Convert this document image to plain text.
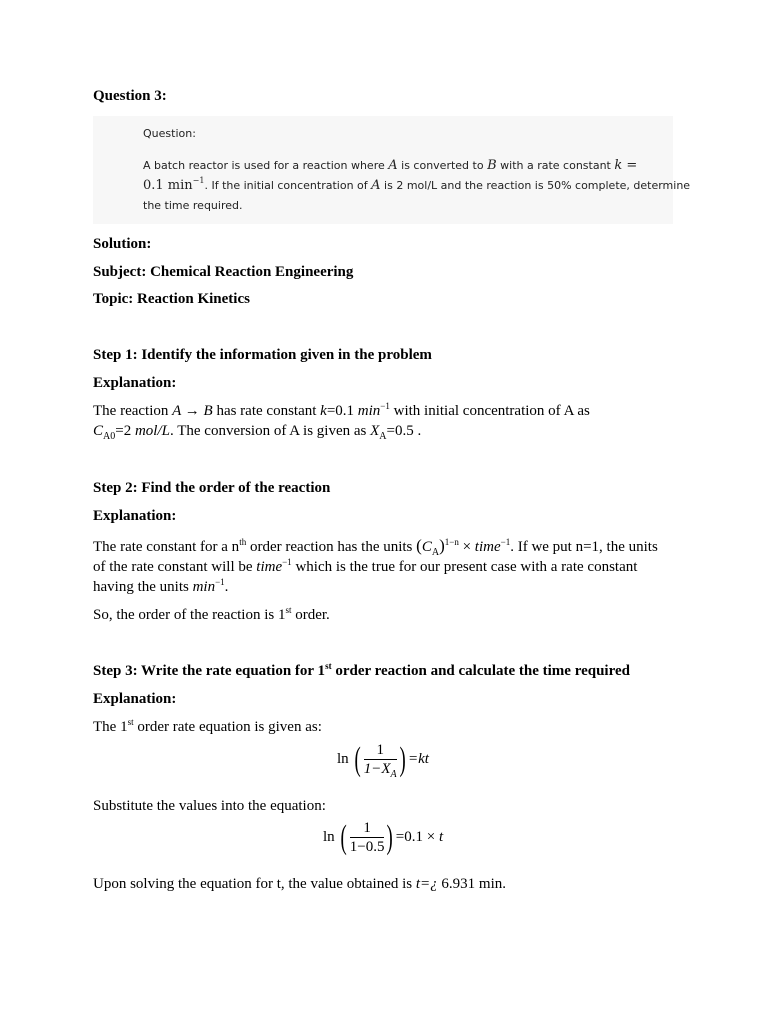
Question 3:
Question:
A batch reactor is used for a reaction where A is converted to B with a rate constant k =
0.1 $\min^{-1}$. If the initial concentration of A is 2 mol/L and the reaction is 50% complete, determine
the time required.
Solution:
Subject: Chemical Reaction Engineering
Topic: Reaction Kinetics
Step 1: Identify the information given in the problem
Explanation:
The reaction A → B has rate constant k=0.1 $\min^{-1}$ with initial concentration of A as
$C_{A0}=2$ mol/L. The conversion of A is given as $X_A=0.5$ .
Step 2: Find the order of the reaction
Explanation:
The rate constant for a $n^{th}$ order reaction has the units $(C_A)^{1-n}$ × time$^{-1}$. If we put n=1, the units
of the rate constant will be time$^{-1}$ which is the true for our present case with a rate constant
having the units $\min^{-1}$.
So, the order of the reaction is 1st order.
Step 3: Write the rate equation for 1st order reaction and calculate the time required
Explanation:
The 1st order rate equation is given as:
ln ( $\frac{1}{1-X_A}$ ) =kt
Substitute the values into the equation:
ln ( $\frac{1}{1-0.5}$ ) =0.1 × t
Upon solving the equation for t, the value obtained is t=¿ 6.931 min.
